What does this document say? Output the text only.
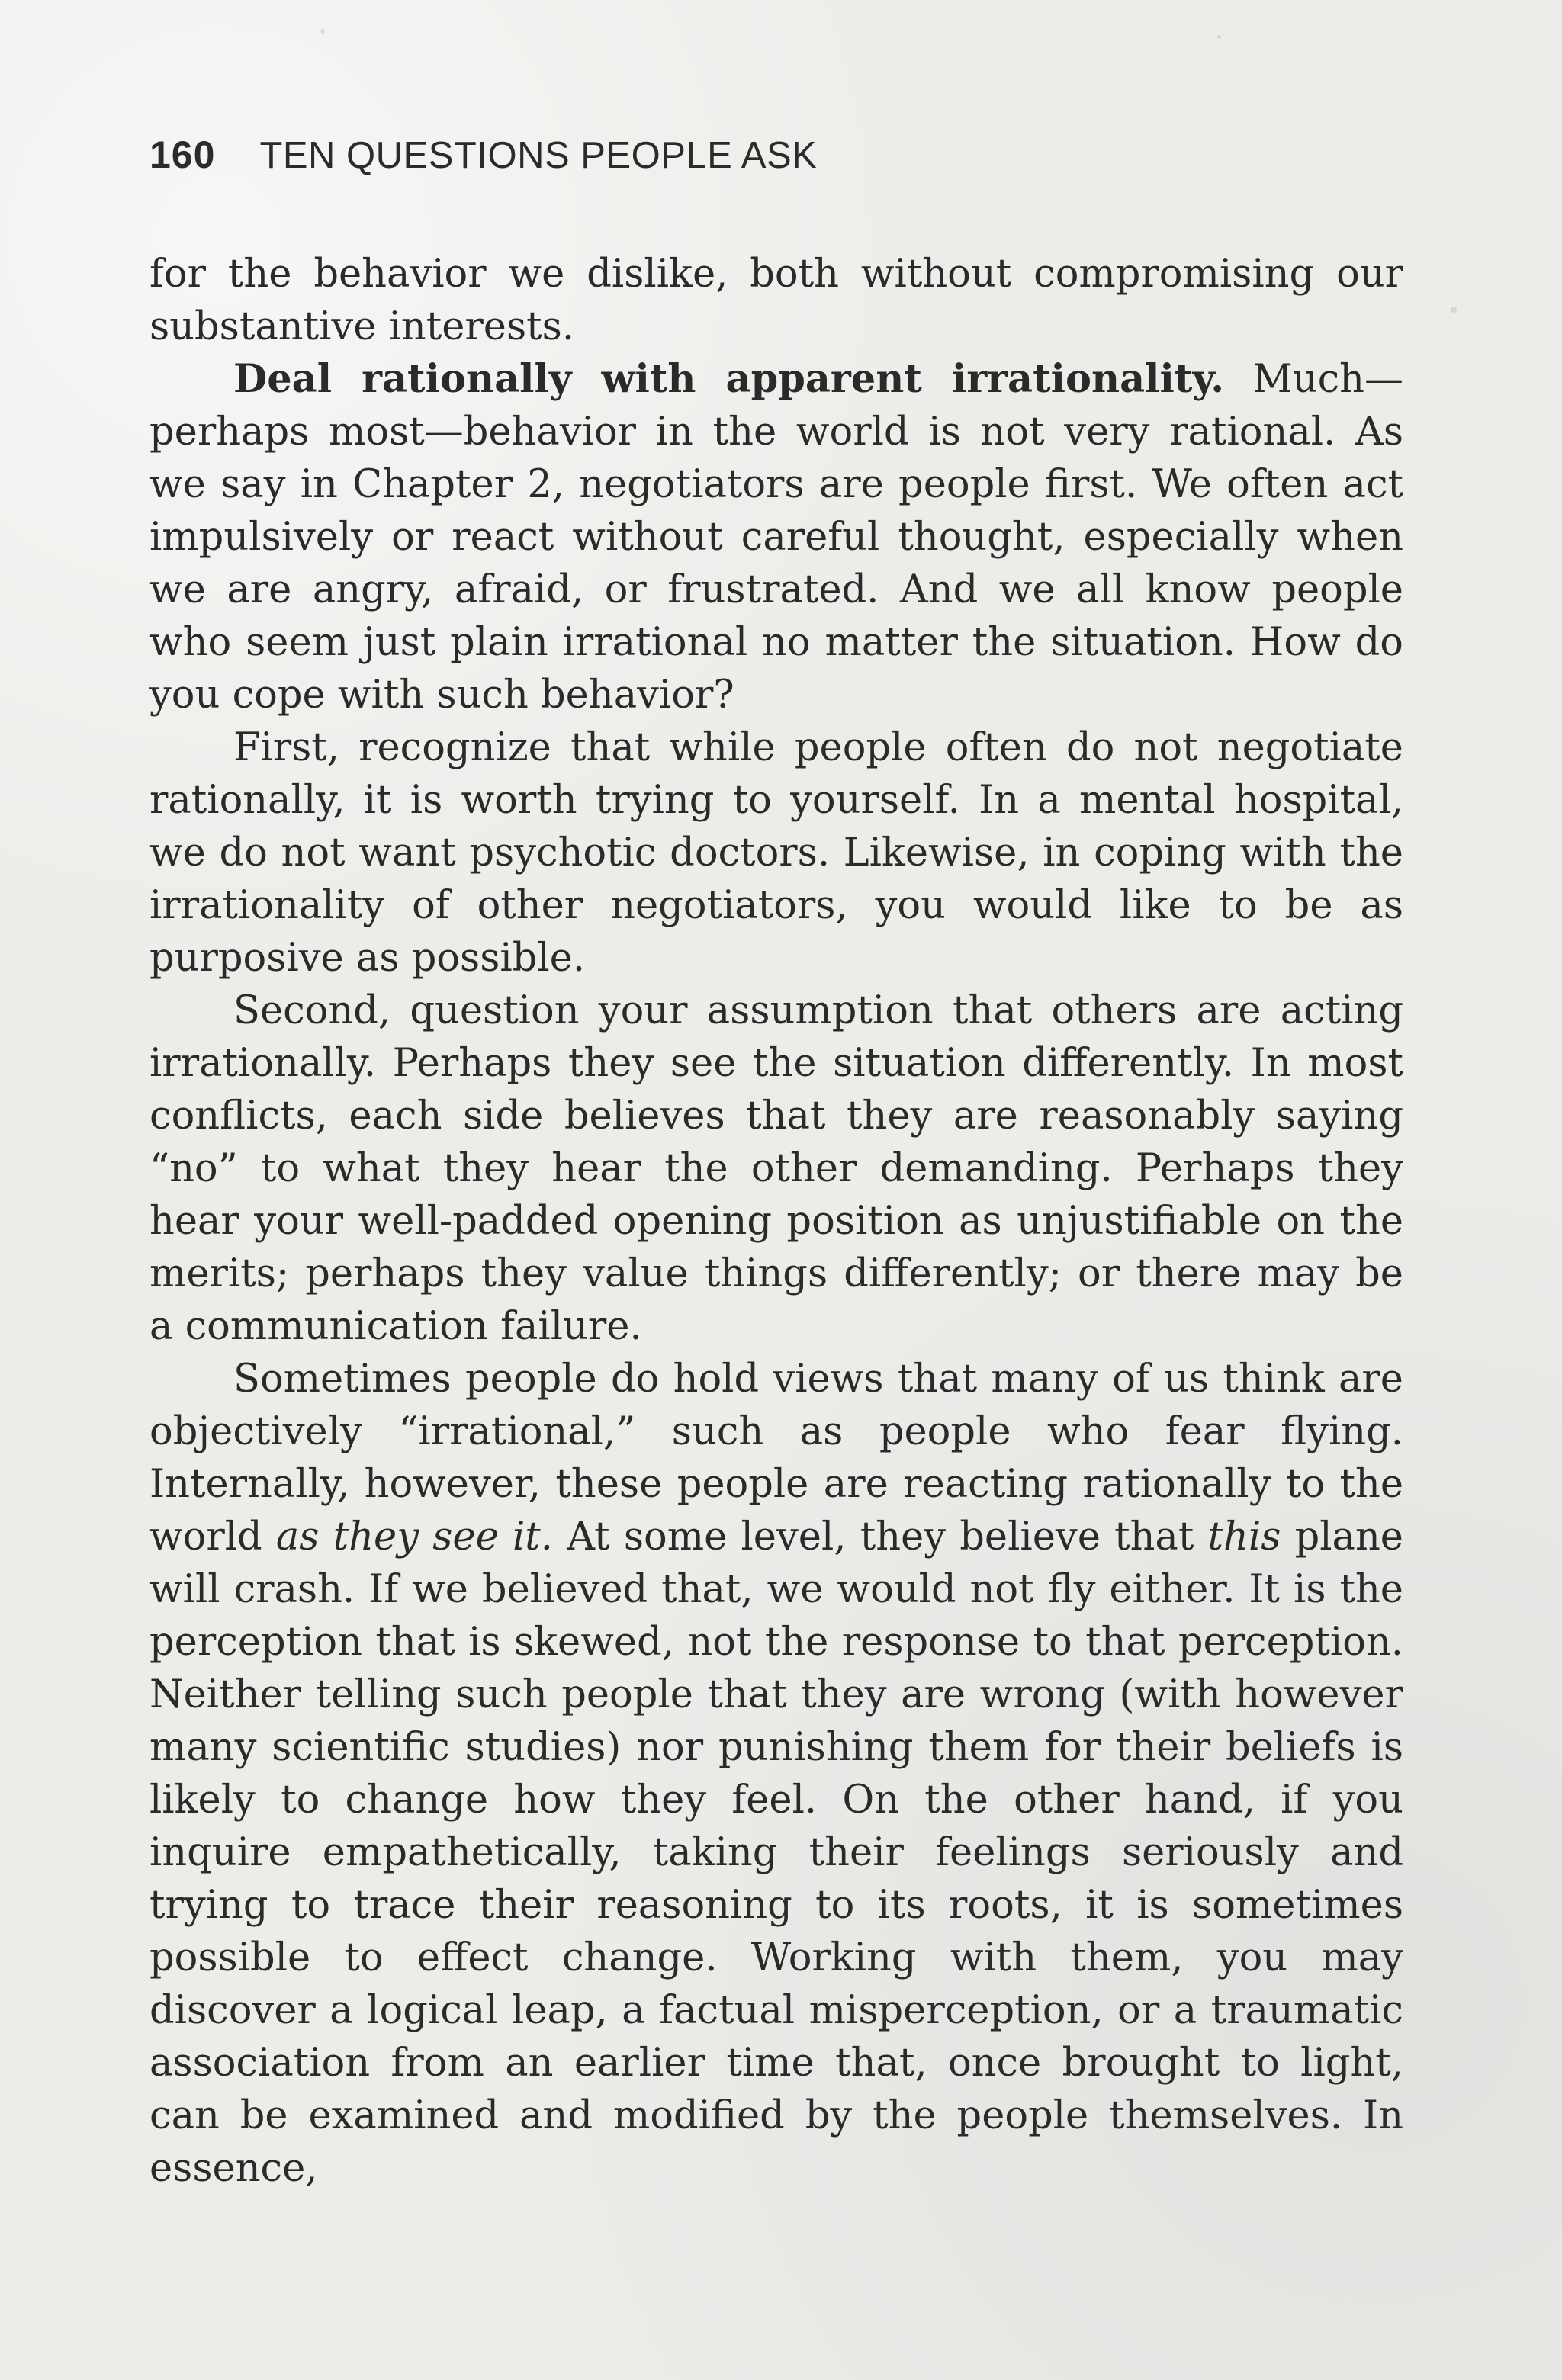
160 TEN QUESTIONS PEOPLE ASK

for the behavior we dislike, both without compromising our substantive interests.

Deal rationally with apparent irrationality. Much—perhaps most—behavior in the world is not very rational. As we say in Chapter 2, negotiators are people first. We often act impulsively or react without careful thought, especially when we are angry, afraid, or frustrated. And we all know people who seem just plain irrational no matter the situation. How do you cope with such behavior?

First, recognize that while people often do not negotiate rationally, it is worth trying to yourself. In a mental hospital, we do not want psychotic doctors. Likewise, in coping with the irrationality of other negotiators, you would like to be as purposive as possible.

Second, question your assumption that others are acting irrationally. Perhaps they see the situation differently. In most conflicts, each side believes that they are reasonably saying “no” to what they hear the other demanding. Perhaps they hear your well-padded opening position as unjustifiable on the merits; perhaps they value things differently; or there may be a communication failure.

Sometimes people do hold views that many of us think are objectively “irrational,” such as people who fear flying. Internally, however, these people are reacting rationally to the world as they see it. At some level, they believe that this plane will crash. If we believed that, we would not fly either. It is the perception that is skewed, not the response to that perception. Neither telling such people that they are wrong (with however many scientific studies) nor punishing them for their beliefs is likely to change how they feel. On the other hand, if you inquire empathetically, taking their feelings seriously and trying to trace their reasoning to its roots, it is sometimes possible to effect change. Working with them, you may discover a logical leap, a factual misperception, or a traumatic association from an earlier time that, once brought to light, can be examined and modified by the people themselves. In essence,
